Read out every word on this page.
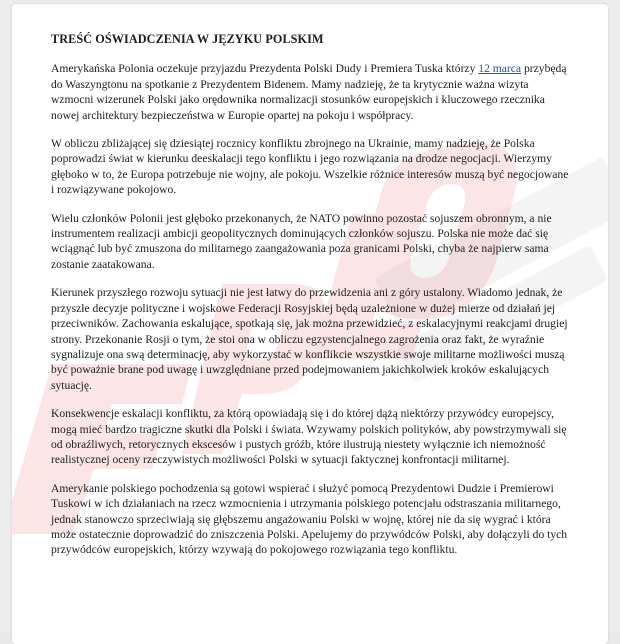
TREŚĆ OŚWIADCZENIA W JĘZYKU POLSKIM

Amerykańska Polonia oczekuje przyjazdu Prezydenta Polski Dudy i Premiera Tuska którzy 12 marca przybędą do Waszyngtonu na spotkanie z Prezydentem Bidenem. Mamy nadzieję, że ta krytycznie ważna wizyta wzmocni wizerunek Polski jako orędownika normalizacji stosunków europejskich i kluczowego rzecznika nowej architektury bezpieczeństwa w Europie opartej na pokoju i współpracy.

W obliczu zbliżającej się dziesiątej rocznicy konfliktu zbrojnego na Ukrainie, mamy nadzieję, że Polska poprowadzi świat w kierunku deeskalacji tego konfliktu i jego rozwiązania na drodze negocjacji. Wierzymy głęboko w to, że Europa potrzebuje nie wojny, ale pokoju. Wszelkie różnice interesów muszą być negocjowane i rozwiązywane pokojowo.

Wielu członków Polonii jest głęboko przekonanych, że NATO powinno pozostać sojuszem obronnym, a nie instrumentem realizacji ambicji geopolitycznych dominujących członków sojuszu. Polska nie może dać się wciągnąć lub być zmuszona do militarnego zaangażowania poza granicami Polski, chyba że najpierw sama zostanie zaatakowana.

Kierunek przyszłego rozwoju sytuacji nie jest łatwy do przewidzenia ani z góry ustalony. Wiadomo jednak, że przyszłe decyzje polityczne i wojskowe Federacji Rosyjskiej będą uzależnione w dużej mierze od działań jej przeciwników. Zachowania eskalujące, spotkają się, jak można przewidzieć, z eskalacyjnymi reakcjami drugiej strony. Przekonanie Rosji o tym, że stoi ona w obliczu egzystencjalnego zagrożenia oraz fakt, że wyraźnie sygnalizuje ona swą determinację, aby wykorzystać w konflikcie wszystkie swoje militarne możliwości muszą być poważnie brane pod uwagę i uwzględniane przed podejmowaniem jakichkolwiek kroków eskalujących sytuację.

Konsekwencje eskalacji konfliktu, za którą opowiadają się i do której dążą niektórzy przywódcy europejscy, mogą mieć bardzo tragiczne skutki dla Polski i świata. Wzywamy polskich polityków, aby powstrzymywali się od obraźliwych, retorycznych ekscesów i pustych gróźb, które ilustrują niestety wyłącznie ich niemożność realistycznej oceny rzeczywistych możliwości Polski w sytuacji faktycznej konfrontacji militarnej.

Amerykanie polskiego pochodzenia są gotowi wspierać i służyć pomocą Prezydentowi Dudzie i Premierowi Tuskowi w ich działaniach na rzecz wzmocnienia i utrzymania polskiego potencjału odstraszania militarnego, jednak stanowczo sprzeciwiają się głębszemu angażowaniu Polski w wojnę, której nie da się wygrać i która może ostatecznie doprowadzić do zniszczenia Polski. Apelujemy do przywódców Polski, aby dołączyli do tych przywódców europejskich, którzy wzywają do pokojowego rozwiązania tego konfliktu.
